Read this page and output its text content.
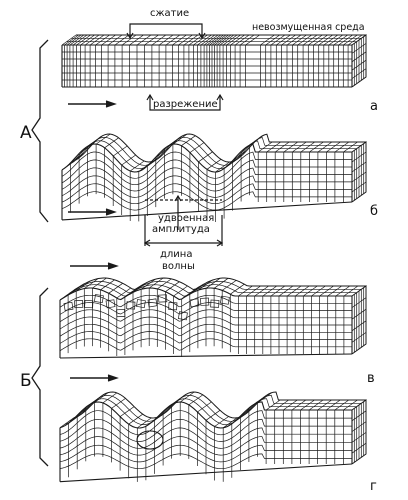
А
Б
а
б
в
г
сжатие
невозмущенная среда
разрежение
удвоенная
амплитуда
длина
волны
